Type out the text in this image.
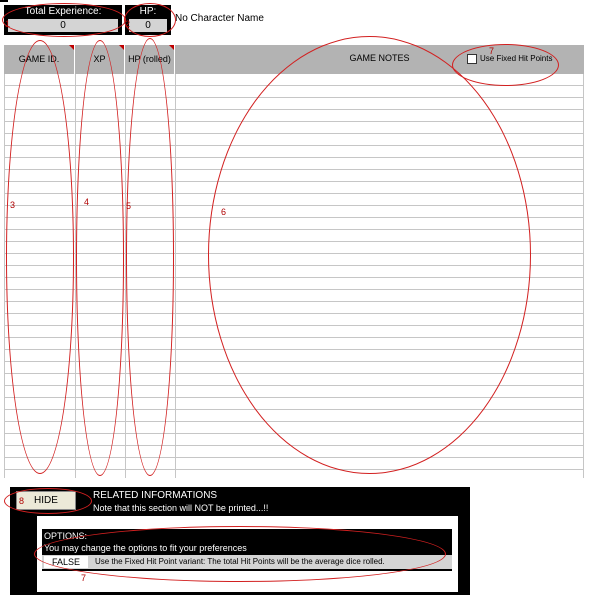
Total Experience:
0
HP:
0
No Character Name
GAME ID.	XP	HP (rolled)	GAME NOTES	Use Fixed Hit Points
HIDE	RELATED INFORMATIONS
Note that this section will NOT be printed...!!
OPTIONS:
You may change the options to fit your preferences
FALSE	Use the Fixed Hit Point variant: The total Hit Points will be the average dice rolled.
1	2
3	4	5
6
7
8
7
